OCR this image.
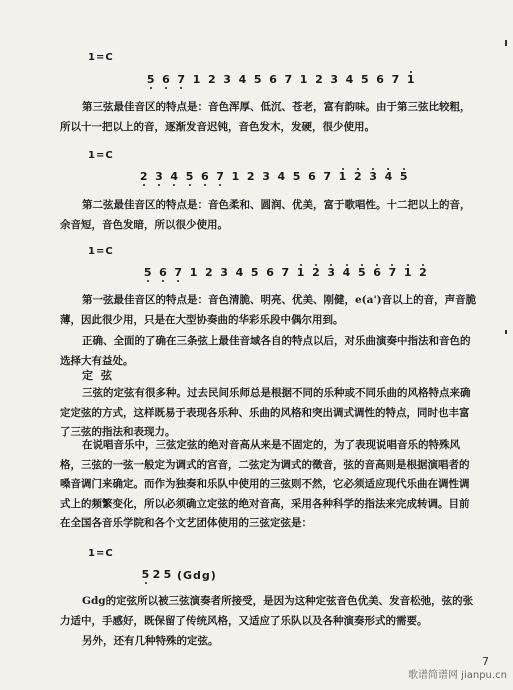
1=C
5 6 7 1 2 3 4 5 6 7 1 2 3 4 5 6 7 1

第三弦最佳音区的特点是：音色浑厚、低沉、苍老，富有韵味。由于第三弦比较粗，所以十一把以上的音，逐渐发音迟钝，音色发木，发硬，很少使用。

1=C
2 3 4 5 6 7 1 2 3 4 5 6 7 1 2 3 4 5

第二弦最佳音区的特点是：音色柔和、圆润、优美，富于歌唱性。十二把以上的音，余音短，音色发暗，所以很少使用。

1=C
5 6 7 1 2 3 4 5 6 7 1 2 3 4 5 6 7 1 2

第一弦最佳音区的特点是：音色清脆、明亮、优美、刚健，e(a')音以上的音，声音脆薄，因此很少用，只是在大型协奏曲的华彩乐段中偶尔用到。

正确、全面的了确在三条弦上最佳音域各自的特点以后，对乐曲演奏中指法和音色的选择大有益处。

定弦

三弦的定弦有很多种。过去民间乐师总是根据不同的乐种或不同乐曲的风格特点来确定定弦的方式，这样既易于表现各乐种、乐曲的风格和突出调式调性的特点，同时也丰富了三弦的指法和表现力。

在说唱音乐中，三弦定弦的绝对音高从来是不固定的，为了表现说唱音乐的特殊风格，三弦的一弦一般定为调式的宫音，二弦定为调式的徵音，弦的音高则是根据演唱者的嗓音调门来确定。而作为独奏和乐队中使用的三弦则不然，它必须适应现代乐曲在调性调式上的频繁变化，所以必须确立定弦的绝对音高，采用各种科学的指法来完成转调。目前在全国各音乐学院和各个文艺团体使用的三弦定弦是：

1=C
5 2 5 (Gdg)

Gdg的定弦所以被三弦演奏者所接受，是因为这种定弦音色优美、发音松弛，弦的张力适中，手感好，既保留了传统风格，又适应了乐队以及各种演奏形式的需要。

另外，还有几种特殊的定弦。

7
歌谱简谱网 jianpu.cn
